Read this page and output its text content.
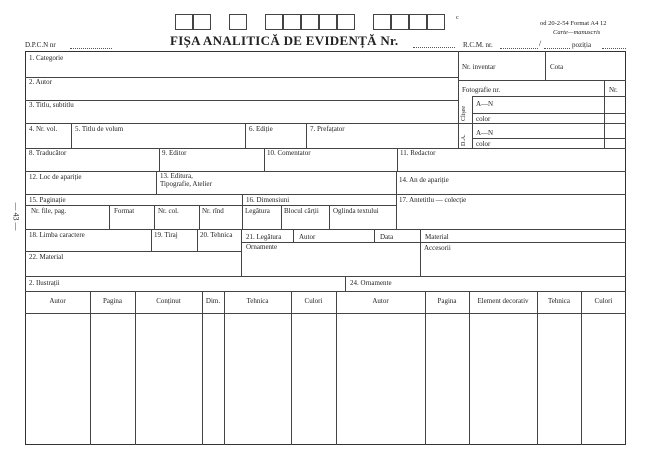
c
od 20-2-54 Format A4 12
Carte—manuscris
D.P.C.N nr	FIȘA ANALITICĂ DE EVIDENȚĂ Nr.	R.C.M. nr.	/	poziția
— 43 —
1. Categorie
Nr. inventar	Cota
2. Autor
Fotografie nr.	Nr.
3. Titlu, subtitlu
Clișee
A—N
color
D.A.
A—N
color
4. Nr. vol.	5. Titlu de volum	6. Ediție	7. Prefațator
8. Traducător	9. Editor	10. Comentator	11. Redactor
12. Loc de apariție	13. Editura, Tipografie, Atelier	14. An de apariție
15. Paginație	16. Dimensiuni	17. Antetitlu — colecție
Nr. file, pag.	Format	Nr. col.	Nr. rînd	Legătura Blocul cărții Oglinda textului
18. Limba caractere	19. Tiraj	20. Tehnica 21. Legătura	Autor	Data	Material
22. Material
Ornamente	Accesorii
2. Ilustrații	24. Ornamente
Autor	Pagina	Conținut	Dim.	Tehnica	Culori	Autor	Pagina	Element decorativ	Tehnica	Culori
